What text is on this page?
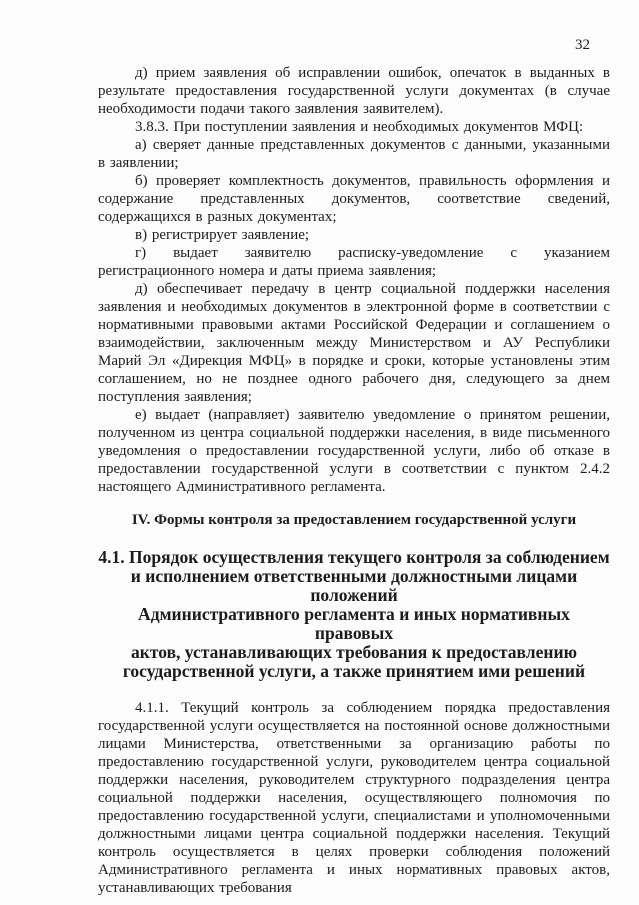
32

д) прием заявления об исправлении ошибок, опечаток в выданных в результате предоставления государственной услуги документах (в случае необходимости подачи такого заявления заявителем).

3.8.3. При поступлении заявления и необходимых документов МФЦ:

а) сверяет данные представленных документов с данными, указанными в заявлении;

б) проверяет комплектность документов, правильность оформления и содержание представленных документов, соответствие сведений, содержащихся в разных документах;

в) регистрирует заявление;

г) выдает заявителю расписку-уведомление с указанием регистрационного номера и даты приема заявления;

д) обеспечивает передачу в центр социальной поддержки населения заявления и необходимых документов в электронной форме в соответствии с нормативными правовыми актами Российской Федерации и соглашением о взаимодействии, заключенным между Министерством и АУ Республики Марий Эл «Дирекция МФЦ» в порядке и сроки, которые установлены этим соглашением, но не позднее одного рабочего дня, следующего за днем поступления заявления;

е) выдает (направляет) заявителю уведомление о принятом решении, полученном из центра социальной поддержки населения, в виде письменного уведомления о предоставлении государственной услуги, либо об отказе в предоставлении государственной услуги в соответствии с пунктом 2.4.2 настоящего Административного регламента.

IV. Формы контроля за предоставлением государственной услуги
4.1. Порядок осуществления текущего контроля за соблюдением
и исполнением ответственными должностными лицами положений
Административного регламента и иных нормативных правовых
актов, устанавливающих требования к предоставлению
государственной услуги, а также принятием ими решений

4.1.1. Текущий контроль за соблюдением порядка предоставления государственной услуги осуществляется на постоянной основе должностными лицами Министерства, ответственными за организацию работы по предоставлению государственной услуги, руководителем центра социальной поддержки населения, руководителем структурного подразделения центра социальной поддержки населения, осуществляющего полномочия по предоставлению государственной услуги, специалистами и уполномоченными должностными лицами центра социальной поддержки населения. Текущий контроль осуществляется в целях проверки соблюдения положений Административного регламента и иных нормативных правовых актов, устанавливающих требования
